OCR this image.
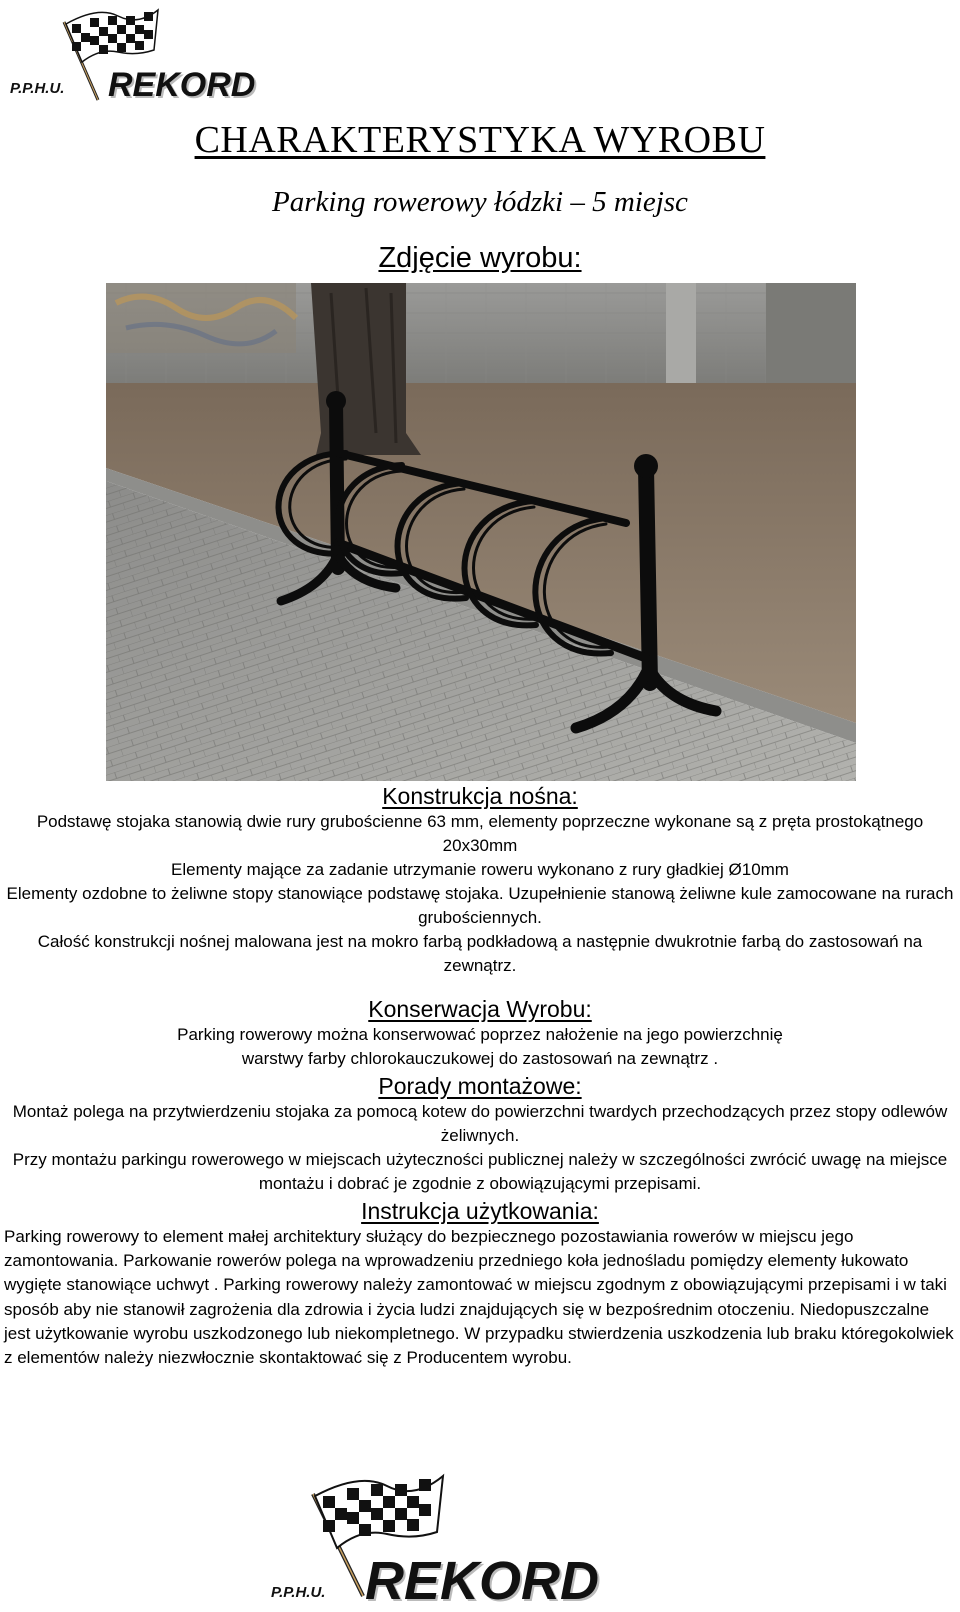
P.P.H.U. REKORD
CHARAKTERYSTYKA WYROBU
Parking rowerowy łódzki – 5 miejsc
Zdjęcie wyrobu:
Konstrukcja nośna:

Podstawę stojaka stanowią dwie rury grubościenne 63 mm, elementy poprzeczne wykonane są z pręta prostokątnego 20x30mm

Elementy mające za zadanie utrzymanie roweru wykonano z rury gładkiej Ø10mm

Elementy ozdobne to żeliwne stopy stanowiące podstawę stojaka. Uzupełnienie stanową żeliwne kule zamocowane na rurach grubościennych.

Całość konstrukcji nośnej malowana jest na mokro farbą podkładową a następnie dwukrotnie farbą do zastosowań na zewnątrz.

Konserwacja Wyrobu:

Parking rowerowy można konserwować poprzez nałożenie na jego powierzchnię

warstwy farby chlorokauczukowej do zastosowań na zewnątrz .

Porady montażowe:

Montaż polega na przytwierdzeniu stojaka za pomocą kotew do powierzchni twardych przechodzących przez stopy odlewów żeliwnych.

Przy montażu parkingu rowerowego w miejscach użyteczności publicznej należy w szczególności zwrócić uwagę na miejsce montażu i dobrać je zgodnie z obowiązującymi przepisami.

Instrukcja użytkowania:
Parking rowerowy to element małej architektury służący do bezpiecznego pozostawiania rowerów w miejscu jego zamontowania. Parkowanie rowerów polega na wprowadzeniu przedniego koła jednośladu pomiędzy elementy łukowato wygięte stanowiące uchwyt . Parking rowerowy należy zamontować w miejscu zgodnym z obowiązującymi przepisami i w taki sposób aby nie stanowił zagrożenia dla zdrowia i życia ludzi znajdujących się w bezpośrednim otoczeniu. Niedopuszczalne jest użytkowanie wyrobu uszkodzonego lub niekompletnego. W przypadku stwierdzenia uszkodzenia lub braku któregokolwiek z elementów należy niezwłocznie skontaktować się z Producentem wyrobu.
P.P.H.U. REKORD
